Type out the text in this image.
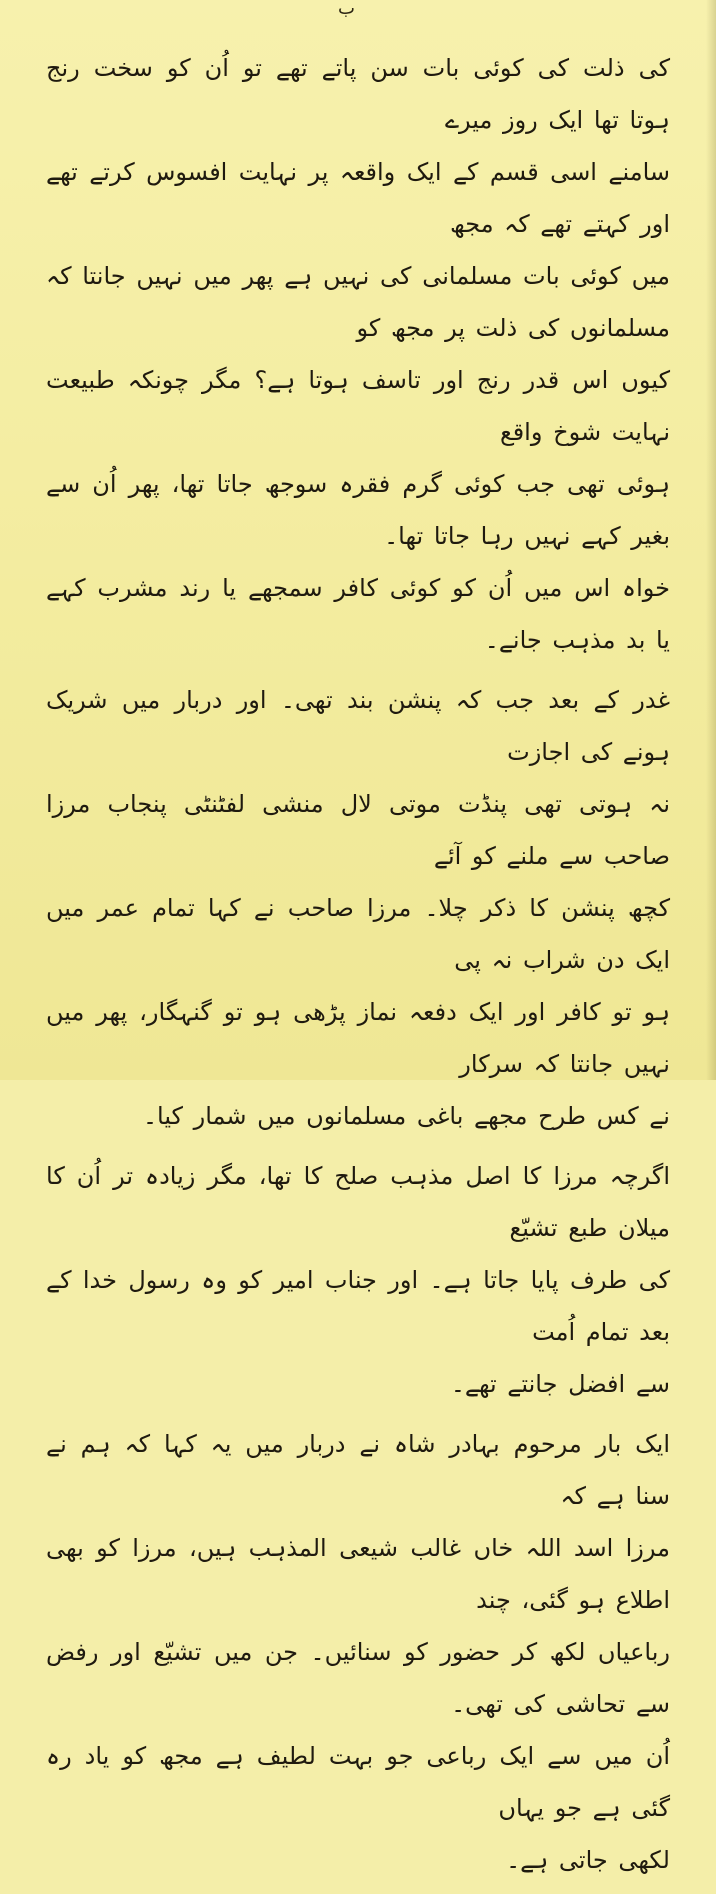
ب
کی ذلت کی کوئی بات سن پاتے تھے تو اُن کو سخت رنج ہوتا تھا ایک روز میرے
سامنے اسی قسم کے ایک واقعہ پر نہایت افسوس کرتے تھے اور کہتے تھے کہ مجھ
میں کوئی بات مسلمانی کی نہیں ہے پھر میں نہیں جانتا کہ مسلمانوں کی ذلت پر مجھ کو
کیوں اس قدر رنج اور تاسف ہوتا ہے؟ مگر چونکہ طبیعت نہایت شوخ واقع
ہوئی تھی جب کوئی گرم فقرہ سوجھ جاتا تھا، پھر اُن سے بغیر کہے نہیں رہا جاتا تھا۔
خواہ اس میں اُن کو کوئی کافر سمجھے یا رند مشرب کہے یا بد مذہب جانے۔
غدر کے بعد جب کہ پنشن بند تھی۔ اور دربار میں شریک ہونے کی اجازت
نہ ہوتی تھی پنڈت موتی لال منشی لفٹنٹی پنجاب مرزا صاحب سے ملنے کو آئے
کچھ پنشن کا ذکر چلا۔ مرزا صاحب نے کہا تمام عمر میں ایک دن شراب نہ پی
ہو تو کافر اور ایک دفعہ نماز پڑھی ہو تو گنہگار، پھر میں نہیں جانتا کہ سرکار
نے کس طرح مجھے باغی مسلمانوں میں شمار کیا۔
اگرچہ مرزا کا اصل مذہب صلح کا تھا، مگر زیادہ تر اُن کا میلان طبع تشیّع
کی طرف پایا جاتا ہے۔ اور جناب امیر کو وہ رسول خدا کے بعد تمام اُمت
سے افضل جانتے تھے۔
ایک بار مرحوم بہادر شاہ نے دربار میں یہ کہا کہ ہم نے سنا ہے کہ
مرزا اسد اللہ خاں غالب شیعی المذہب ہیں، مرزا کو بھی اطلاع ہو گئی، چند
رباعیاں لکھ کر حضور کو سنائیں۔ جن میں تشیّع اور رفض سے تحاشی کی تھی۔
اُن میں سے ایک رباعی جو بہت لطیف ہے مجھ کو یاد رہ گئی ہے جو یہاں
لکھی جاتی ہے۔
